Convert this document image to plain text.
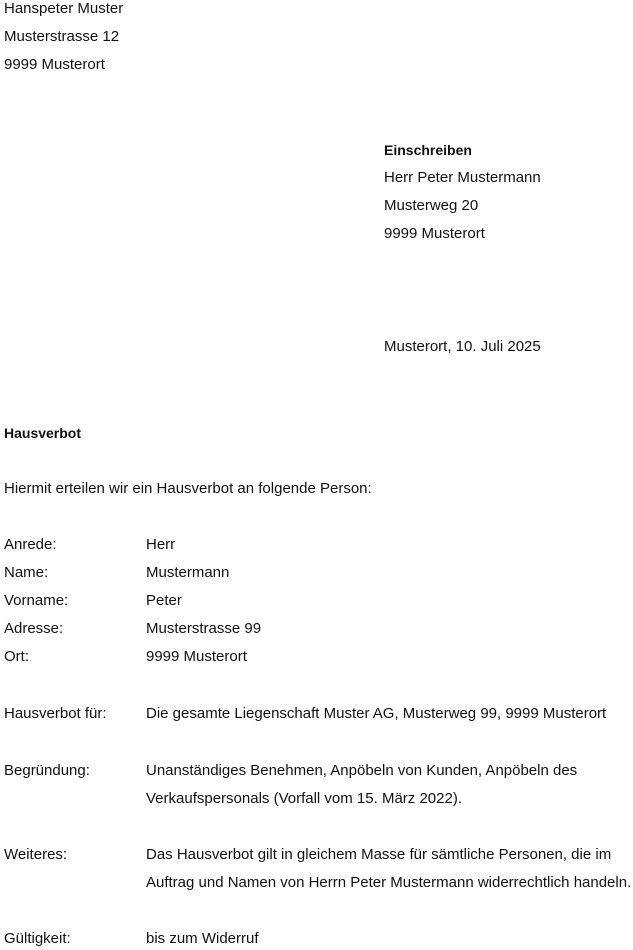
Hanspeter Muster
Musterstrasse 12
9999 Musterort
Einschreiben
Herr Peter Mustermann
Musterweg 20
9999 Musterort
Musterort, 10. Juli 2025
Hausverbot
Hiermit erteilen wir ein Hausverbot an folgende Person:
Anrede:	Herr
Name:	Mustermann
Vorname:	Peter
Adresse:	Musterstrasse 99
Ort:	9999 Musterort
Hausverbot für:	Die gesamte Liegenschaft Muster AG, Musterweg 99, 9999 Musterort
Begründung:	Unanständiges Benehmen, Anpöbeln von Kunden, Anpöbeln des
Verkaufspersonals (Vorfall vom 15. März 2022).
Weiteres:	Das Hausverbot gilt in gleichem Masse für sämtliche Personen, die im
Auftrag und Namen von Herrn Peter Mustermann widerrechtlich handeln.
Gültigkeit:	bis zum Widerruf
